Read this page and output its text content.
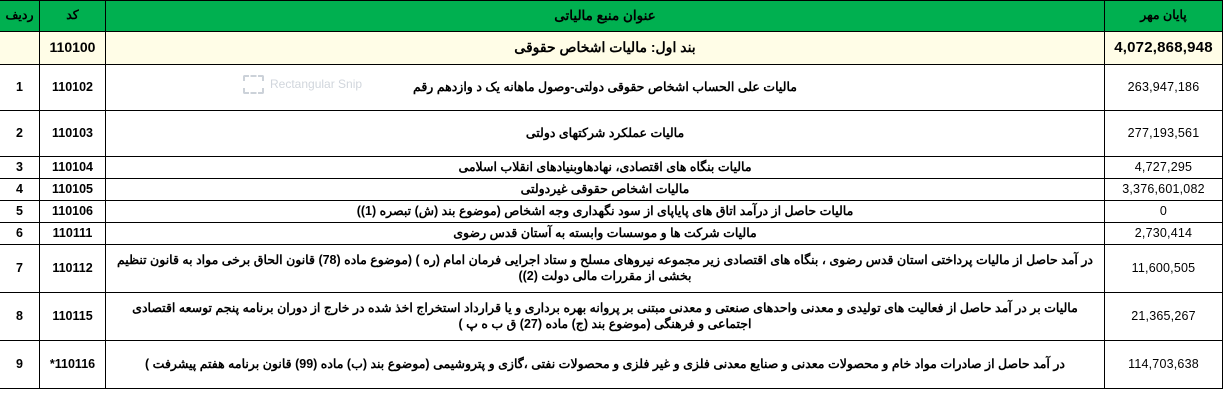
پایان مهر	عنوان منبع مالیاتی	کد	ردیف
4,072,868,948	بند اول: مالیات اشخاص حقوقی	110100	
263,947,186	مالیات علی الحساب اشخاص حقوقی دولتی-وصول ماهانه یک د وازدهم رقم	110102	1
277,193,561	مالیات عملکرد شرکتهای دولتی	110103	2
4,727,295	مالیات بنگاه های اقتصادی، نهادهاوبنیادهای انقلاب اسلامی	110104	3
3,376,601,082	مالیات اشخاص حقوقی غیردولتی	110105	4
0	مالیات حاصل از درآمد اتاق های پایاپای از سود نگهداری وجه اشخاص (موضوع بند (ش) تبصره (1))	110106	5
2,730,414	مالیات شرکت ها و موسسات وابسته به آستان قدس رضوی	110111	6
11,600,505	در آمد حاصل از مالیات پرداختی استان قدس رضوی ، بنگاه های اقتصادی زیر مجموعه نیروهای مسلح و ستاد اجرایی فرمان امام (ره ) (موضوع ماده (78) قانون الحاق برخی مواد به قانون تنظیم بخشی از مقررات مالی دولت (2))	110112	7
21,365,267	مالیات بر در آمد حاصل از فعالیت های تولیدی و معدنی واحدهای صنعتی و معدنی مبتنی بر پروانه بهره برداری و یا قرارداد استخراج اخذ شده در خارج از دوران برنامه پنجم توسعه اقتصادی اجتماعی و فرهنگی (موضوع بند (ج) ماده (27) ق ب ه پ )	110115	8
114,703,638	در آمد حاصل از صادرات مواد خام و محصولات معدنی و صنایع معدنی فلزی و غیر فلزی و محصولات نفتی ،گازی و پتروشیمی (موضوع بند (ب) ماده (99) قانون برنامه هفتم پیشرفت )	110116*	9
Rectangular Snip
